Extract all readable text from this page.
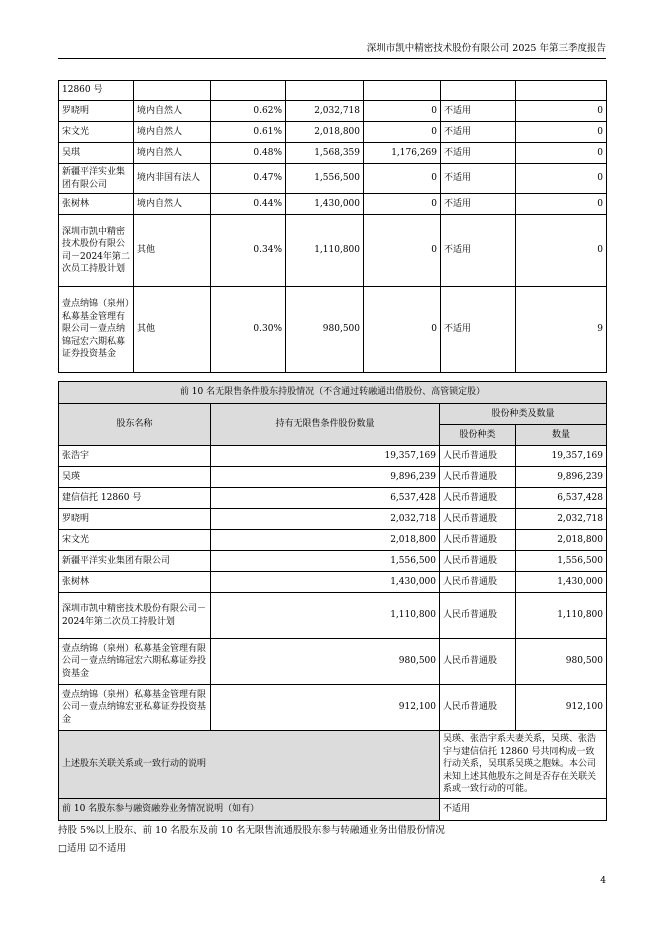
深圳市凯中精密技术股份有限公司 2025 年第三季度报告
12860 号						
罗晓明	境内自然人	0.62%	2,032,718	0	不适用	0
宋文光	境内自然人	0.61%	2,018,800	0	不适用	0
吴琪	境内自然人	0.48%	1,568,359	1,176,269	不适用	0
新疆平洋实业集团有限公司	境内非国有法人	0.47%	1,556,500	0	不适用	0
张树林	境内自然人	0.44%	1,430,000	0	不适用	0
深圳市凯中精密技术股份有限公司－2024年第二次员工持股计划	其他	0.34%	1,110,800	0	不适用	0
壹点纳锦（泉州）私募基金管理有限公司－壹点纳锦冠宏六期私募证券投资基金	其他	0.30%	980,500	0	不适用	9
前 10 名无限售条件股东持股情况（不含通过转融通出借股份、高管锁定股）			
股东名称	持有无限售条件股份数量	股份种类及数量	
		股份种类	数量
张浩宇	19,357,169	人民币普通股	19,357,169
吴瑛	9,896,239	人民币普通股	9,896,239
建信信托 12860 号	6,537,428	人民币普通股	6,537,428
罗晓明	2,032,718	人民币普通股	2,032,718
宋文光	2,018,800	人民币普通股	2,018,800
新疆平洋实业集团有限公司	1,556,500	人民币普通股	1,556,500
张树林	1,430,000	人民币普通股	1,430,000
深圳市凯中精密技术股份有限公司－2024年第二次员工持股计划	1,110,800	人民币普通股	1,110,800
壹点纳锦（泉州）私募基金管理有限公司－壹点纳锦冠宏六期私募证券投资基金	980,500	人民币普通股	980,500
壹点纳锦（泉州）私募基金管理有限公司－壹点纳锦宏亚私募证券投资基金	912,100	人民币普通股	912,100
上述股东关联关系或一致行动的说明		吴瑛、张浩宇系夫妻关系，吴瑛、张浩宇与建信信托 12860 号共同构成一致行动关系，吴琪系吴瑛之胞妹。本公司未知上述其他股东之间是否存在关联关系或一致行动的可能。	
前 10 名股东参与融资融券业务情况说明（如有）		不适用	
持股 5%以上股东、前 10 名股东及前 10 名无限售流通股股东参与转融通业务出借股份情况
□适用 ☑不适用
4
